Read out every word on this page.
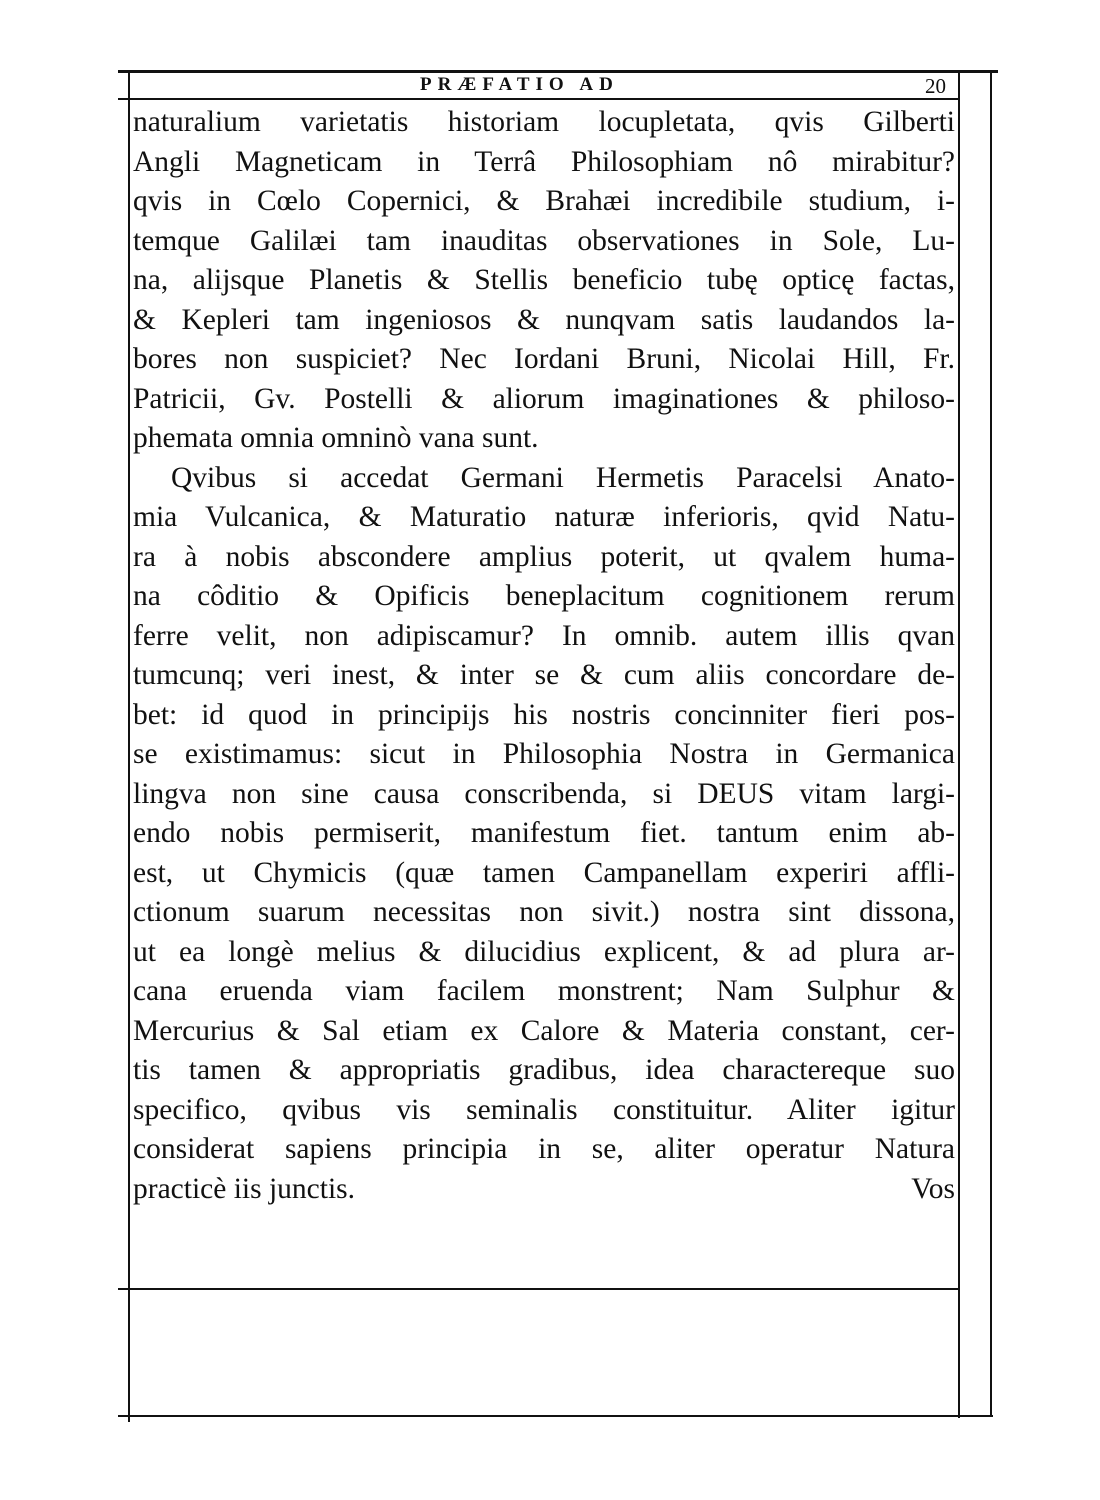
PRÆFATIO AD	20
naturalium varietatis historiam locupletata, qvis Gilberti
Angli Magneticam in Terrâ Philosophiam nô mirabitur?
qvis in Cœlo Copernici, & Brahæi incredibile studium, i-
temque Galilæi tam inauditas observationes in Sole, Lu-
na, alijsque Planetis & Stellis beneficio tubę opticę factas,
& Kepleri tam ingeniosos & nunqvam satis laudandos la-
bores non suspiciet? Nec Iordani Bruni, Nicolai Hill, Fr.
Patricii, Gv. Postelli & aliorum imaginationes & philoso-
phemata omnia omninò vana sunt.
Qvibus si accedat Germani Hermetis Paracelsi Anato-
mia Vulcanica, & Maturatio naturæ inferioris, qvid Natu-
ra à nobis abscondere amplius poterit, ut qvalem huma-
na côditio & Opificis beneplacitum cognitionem rerum
ferre velit, non adipiscamur? In omnib. autem illis qvan
tumcunq; veri inest, & inter se & cum aliis concordare de-
bet: id quod in principijs his nostris concinniter fieri pos-
se existimamus: sicut in Philosophia Nostra in Germanica
lingva non sine causa conscribenda, si DEUS vitam largi-
endo nobis permiserit, manifestum fiet. tantum enim ab-
est, ut Chymicis (quæ tamen Campanellam experiri affli-
ctionum suarum necessitas non sivit.) nostra sint dissona,
ut ea longè melius & dilucidius explicent, & ad plura ar-
cana eruenda viam facilem monstrent; Nam Sulphur &
Mercurius & Sal etiam ex Calore & Materia constant, cer-
tis tamen & appropriatis gradibus, idea charactereque suo
specifico, qvibus vis seminalis constituitur. Aliter igitur
considerat sapiens principia in se, aliter operatur Natura
practicè iis junctis.	Vos
